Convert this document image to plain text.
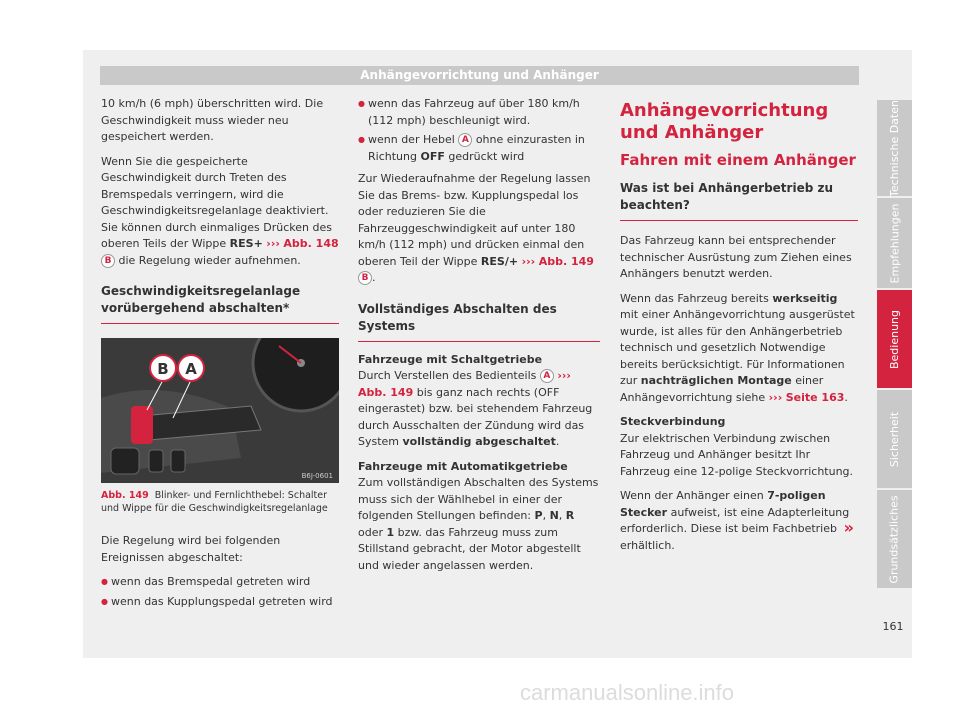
Anhängevorrichtung und Anhänger

10 km/h (6 mph) überschritten wird. Die Geschwindigkeit muss wieder neu gespeichert werden.

Wenn Sie die gespeicherte Geschwindigkeit durch Treten des Bremspedals verringern, wird die Geschwindigkeitsregelanlage deaktiviert. Sie können durch einmaliges Drücken des oberen Teils der Wippe RES+ ››› Abb. 148 B die Regelung wieder aufnehmen.

Geschwindigkeitsregelanlage vorübergehend abschalten*
B A
B6J-0601
Abb. 149 Blinker- und Fernlichthebel: Schalter und Wippe für die Geschwindigkeitsregelanlage

Die Regelung wird bei folgenden Ereignissen abgeschaltet:

● wenn das Bremspedal getreten wird
● wenn das Kupplungspedal getreten wird
● wenn das Fahrzeug auf über 180 km/h (112 mph) beschleunigt wird.
● wenn der Hebel A ohne einzurasten in Richtung OFF gedrückt wird

Zur Wiederaufnahme der Regelung lassen Sie das Brems- bzw. Kupplungspedal los oder reduzieren Sie die Fahrzeuggeschwindigkeit auf unter 180 km/h (112 mph) und drücken einmal den oberen Teil der Wippe RES/+ ››› Abb. 149 B .

Vollständiges Abschalten des Systems

Fahrzeuge mit Schaltgetriebe

Durch Verstellen des Bedienteils A ››› Abb. 149 bis ganz nach rechts (OFF eingerastet) bzw. bei stehendem Fahrzeug durch Ausschalten der Zündung wird das System vollständig abgeschaltet.

Fahrzeuge mit Automatikgetriebe

Zum vollständigen Abschalten des Systems muss sich der Wählhebel in einer der folgenden Stellungen befinden: P, N, R oder 1 bzw. das Fahrzeug muss zum Stillstand gebracht, der Motor abgestellt und wieder angelassen werden.

Anhängevorrichtung und Anhänger
Fahren mit einem Anhänger
Was ist bei Anhängerbetrieb zu beachten?

Das Fahrzeug kann bei entsprechender technischer Ausrüstung zum Ziehen eines Anhängers benutzt werden.

Wenn das Fahrzeug bereits werkseitig mit einer Anhängevorrichtung ausgerüstet wurde, ist alles für den Anhängerbetrieb technisch und gesetzlich Notwendige bereits berücksichtigt. Für Informationen zur nachträglichen Montage einer Anhängevorrichtung siehe ››› Seite 163.

Steckverbindung

Zur elektrischen Verbindung zwischen Fahrzeug und Anhänger besitzt Ihr Fahrzeug eine 12-polige Steckvorrichtung.

Wenn der Anhänger einen 7-poligen Stecker aufweist, ist eine Adapterleitung erforderlich. Diese ist beim Fachbetrieb erhältlich.

»
Technische Daten
Empfehlungen
Bedienung
Sicherheit
Grundsätzliches
161
carmanualsonline.info
